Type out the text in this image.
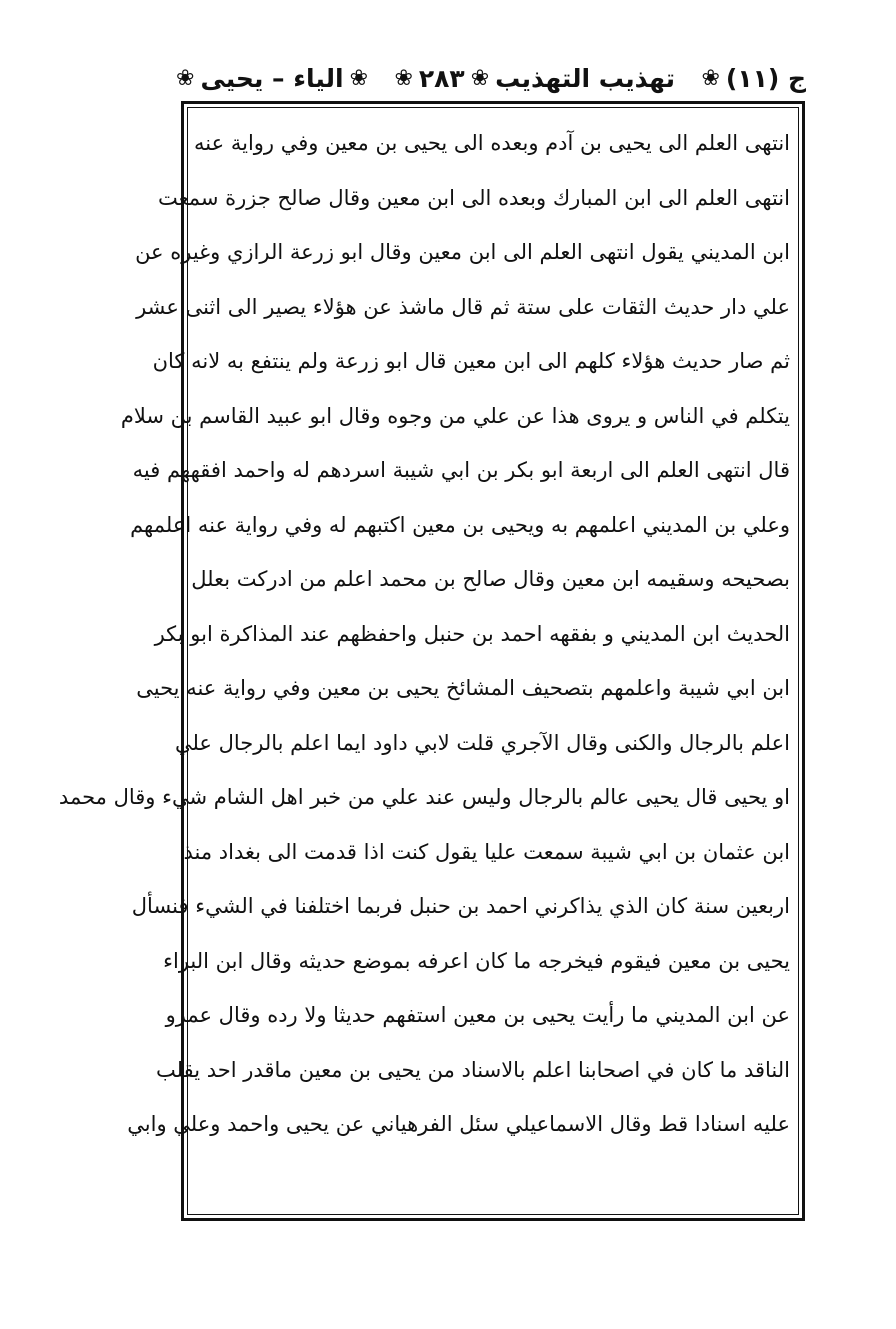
ج (١١)
❀
تهذيب التهذيب
❀
٢٨٣
❀
❀
الياء – يحيى
❀
انتهى العلم الى يحيى بن آدم وبعده الى يحيى بن معين وفي رواية عنه
انتهى العلم الى ابن المبارك وبعده الى ابن معين وقال صالح جزرة سمعت
ابن المديني يقول انتهى العلم الى ابن معين وقال ابو زرعة الرازي وغيره عن
علي دار حديث الثقات على ستة ثم قال ماشذ عن هؤلاء يصير الى اثنى عشر
ثم صار حديث هؤلاء كلهم الى ابن معين قال ابو زرعة ولم ينتفع به لانه كان
يتكلم في الناس و يروى هذا عن علي من وجوه وقال ابو عبيد القاسم بن سلام
قال انتهى العلم الى اربعة ابو بكر بن ابي شيبة اسردهم له واحمد افقههم فيه
وعلي بن المديني اعلمهم به ويحيى بن معين اكتبهم له وفي رواية عنه اعلمهم
بصحيحه وسقيمه ابن معين وقال صالح بن محمد اعلم من ادركت بعلل
الحديث ابن المديني و بفقهه احمد بن حنبل واحفظهم عند المذاكرة ابو بكر
ابن ابي شيبة واعلمهم بتصحيف المشائخ يحيى بن معين وفي رواية عنه يحيى
اعلم بالرجال والكنى وقال الآجري قلت لابي داود ايما اعلم بالرجال علي
او يحيى قال يحيى عالم بالرجال وليس عند علي من خبر اهل الشام شيء وقال محمد
ابن عثمان بن ابي شيبة سمعت عليا يقول كنت اذا قدمت الى بغداد منذ
اربعين سنة كان الذي يذاكرني احمد بن حنبل فربما اختلفنا في الشيء فنسأل
يحيى بن معين فيقوم فيخرجه ما كان اعرفه بموضع حديثه وقال ابن البراء
عن ابن المديني ما رأيت يحيى بن معين استفهم حديثا ولا رده وقال عمرو
الناقد ما كان في اصحابنا اعلم بالاسناد من يحيى بن معين ماقدر احد يقلب
عليه اسنادا قط وقال الاسماعيلي سئل الفرهياني عن يحيى واحمد وعلي وابي
